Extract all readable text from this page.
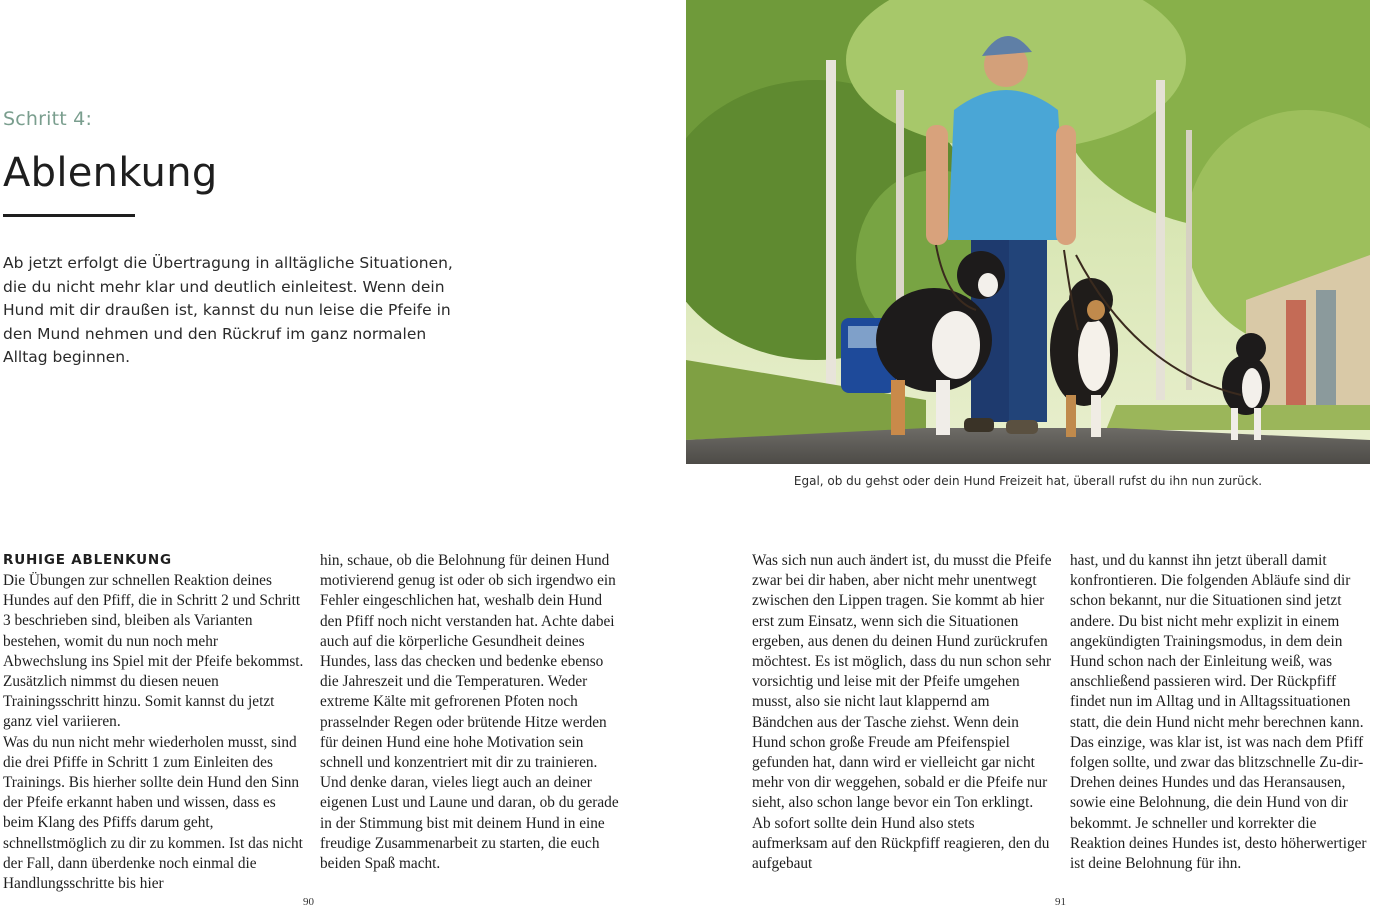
Schritt 4:
Ablenkung

Ab jetzt erfolgt die Übertragung in alltägliche Situationen, die du nicht mehr klar und deutlich einleitest. Wenn dein Hund mit dir draußen ist, kannst du nun leise die Pfeife in den Mund nehmen und den Rückruf im ganz normalen Alltag beginnen.

RUHIGE ABLENKUNG

Die Übungen zur schnellen Reaktion deines Hundes auf den Pfiff, die in Schritt 2 und Schritt 3 beschrieben sind, bleiben als Varianten bestehen, womit du nun noch mehr Abwechslung ins Spiel mit der Pfeife bekommst. Zusätzlich nimmst du diesen neuen Trainingsschritt hinzu. Somit kannst du jetzt ganz viel variieren.

Was du nun nicht mehr wiederholen musst, sind die drei Pfiffe in Schritt 1 zum Einleiten des Trainings. Bis hierher sollte dein Hund den Sinn der Pfeife erkannt haben und wissen, dass es beim Klang des Pfiffs darum geht, schnellstmöglich zu dir zu kommen. Ist das nicht der Fall, dann überdenke noch einmal die Handlungsschritte bis hier

hin, schaue, ob die Belohnung für deinen Hund motivierend genug ist oder ob sich irgendwo ein Fehler eingeschlichen hat, weshalb dein Hund den Pfiff noch nicht verstanden hat. Achte dabei auch auf die körperliche Gesundheit deines Hundes, lass das checken und bedenke ebenso die Jahreszeit und die Temperaturen. Weder extreme Kälte mit gefrorenen Pfoten noch prasselnder Regen oder brütende Hitze werden für deinen Hund eine hohe Motivation sein schnell und konzentriert mit dir zu trainieren. Und denke daran, vieles liegt auch an deiner eigenen Lust und Laune und daran, ob du gerade in der Stimmung bist mit deinem Hund in eine freudige Zusammenarbeit zu starten, die euch beiden Spaß macht.

90
Egal, ob du gehst oder dein Hund Freizeit hat, überall rufst du ihn nun zurück.

Was sich nun auch ändert ist, du musst die Pfeife zwar bei dir haben, aber nicht mehr unentwegt zwischen den Lippen tragen. Sie kommt ab hier erst zum Einsatz, wenn sich die Situationen ergeben, aus denen du deinen Hund zurückrufen möchtest. Es ist möglich, dass du nun schon sehr vorsichtig und leise mit der Pfeife umgehen musst, also sie nicht laut klappernd am Bändchen aus der Tasche ziehst. Wenn dein Hund schon große Freude am Pfeifenspiel gefunden hat, dann wird er vielleicht gar nicht mehr von dir weggehen, sobald er die Pfeife nur sieht, also schon lange bevor ein Ton erklingt.

Ab sofort sollte dein Hund also stets aufmerksam auf den Rückpfiff reagieren, den du aufgebaut

hast, und du kannst ihn jetzt überall damit konfrontieren. Die folgenden Abläufe sind dir schon bekannt, nur die Situationen sind jetzt andere. Du bist nicht mehr explizit in einem angekündigten Trainingsmodus, in dem dein Hund schon nach der Einleitung weiß, was anschließend passieren wird. Der Rückpfiff findet nun im Alltag und in Alltagssituationen statt, die dein Hund nicht mehr berechnen kann. Das einzige, was klar ist, ist was nach dem Pfiff folgen sollte, und zwar das blitzschnelle Zu-dir-Drehen deines Hundes und das Heransausen, sowie eine Belohnung, die dein Hund von dir bekommt. Je schneller und korrekter die Reaktion deines Hundes ist, desto höherwertiger ist deine Belohnung für ihn.

91
